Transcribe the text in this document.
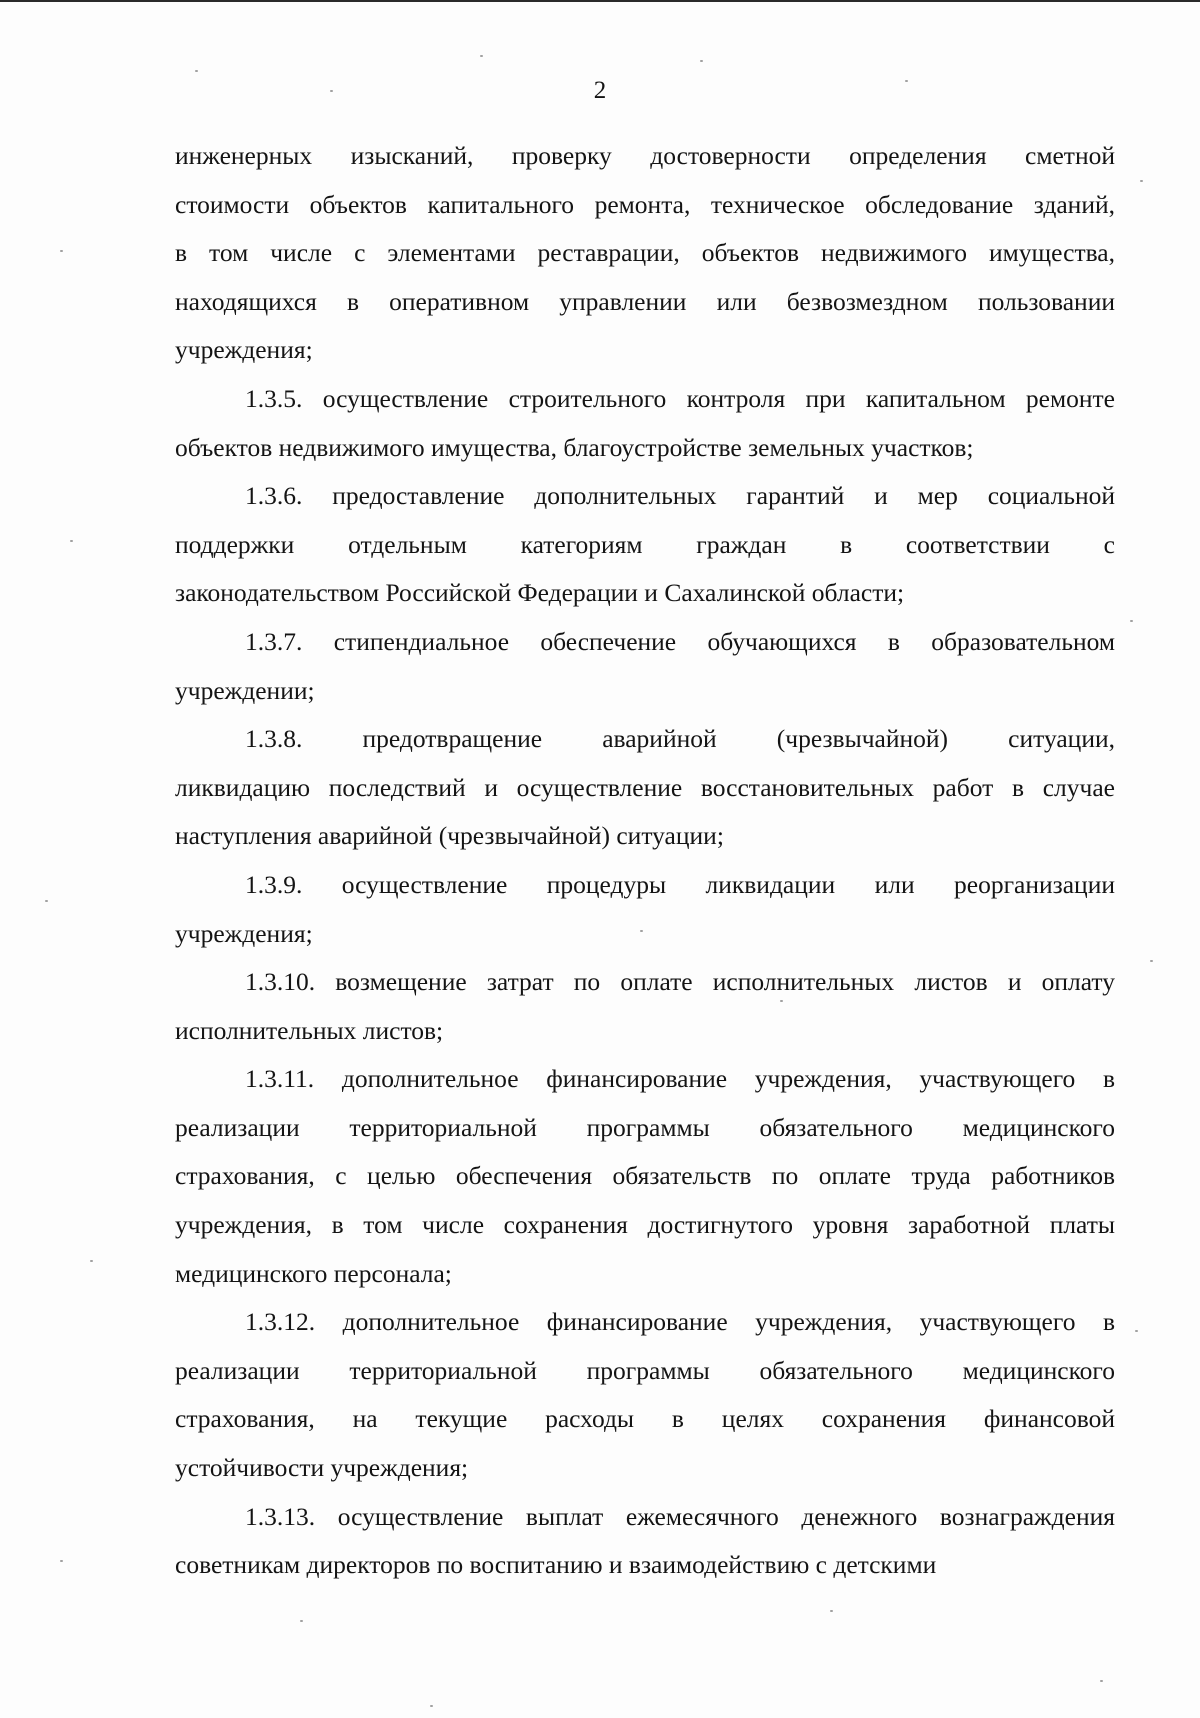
2
инженерных изысканий, проверку достоверности определения сметной
стоимости объектов капитального ремонта, техническое обследование зданий,
в том числе с элементами реставрации, объектов недвижимого имущества,
находящихся в оперативном управлении или безвозмездном пользовании
учреждения;
1.3.5. осуществление строительного контроля при капитальном ремонте
объектов недвижимого имущества, благоустройстве земельных участков;
1.3.6. предоставление дополнительных гарантий и мер социальной
поддержки отдельным категориям граждан в соответствии с
законодательством Российской Федерации и Сахалинской области;
1.3.7. стипендиальное обеспечение обучающихся в образовательном
учреждении;
1.3.8. предотвращение аварийной (чрезвычайной) ситуации,
ликвидацию последствий и осуществление восстановительных работ в случае
наступления аварийной (чрезвычайной) ситуации;
1.3.9. осуществление процедуры ликвидации или реорганизации
учреждения;
1.3.10. возмещение затрат по оплате исполнительных листов и оплату
исполнительных листов;
1.3.11. дополнительное финансирование учреждения, участвующего в
реализации территориальной программы обязательного медицинского
страхования, с целью обеспечения обязательств по оплате труда работников
учреждения, в том числе сохранения достигнутого уровня заработной платы
медицинского персонала;
1.3.12. дополнительное финансирование учреждения, участвующего в
реализации территориальной программы обязательного медицинского
страхования, на текущие расходы в целях сохранения финансовой
устойчивости учреждения;
1.3.13. осуществление выплат ежемесячного денежного вознаграждения
советникам директоров по воспитанию и взаимодействию с детскими
